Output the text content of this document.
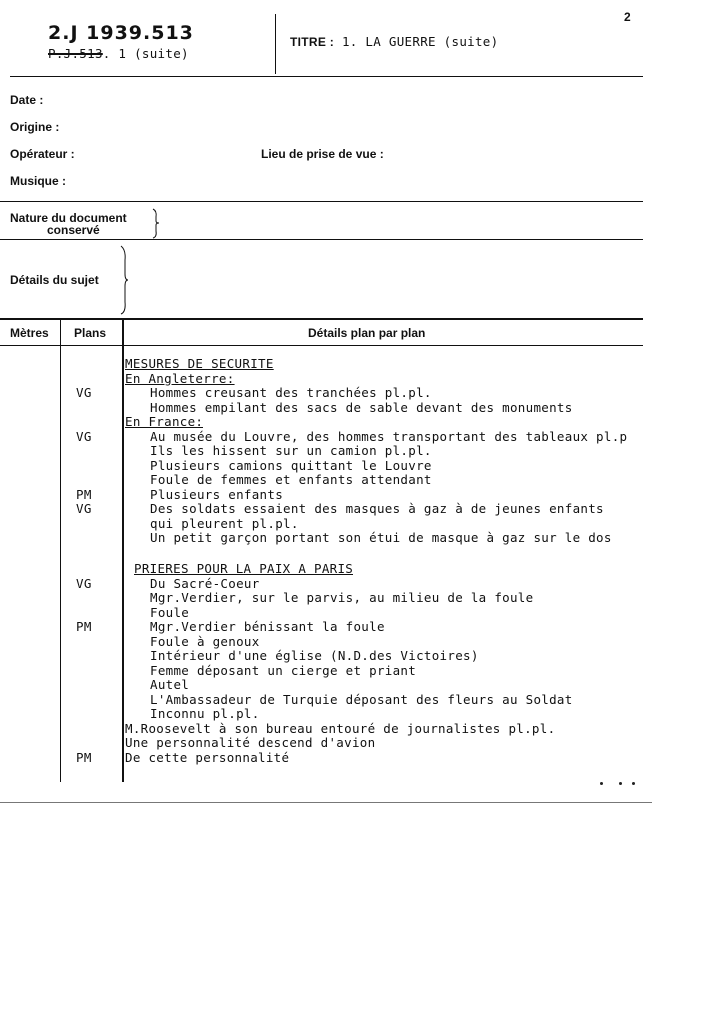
2
2.J 1939.513
P.J.513. 1 (suite)
TITRE : 1. LA GUERRE (suite)
Date :
Origine :
Opérateur :	Lieu de prise de vue :
Musique :
Nature du document
conservé
Détails du sujet
Mètres Plans	Détails plan par plan
MESURES DE SECURITE
En Angleterre:
VG	Hommes creusant des tranchées pl.pl.
Hommes empilant des sacs de sable devant des monuments
En France:
VG	Au musée du Louvre, des hommes transportant des tableaux pl.p
Ils les hissent sur un camion pl.pl.
Plusieurs camions quittant le Louvre
Foule de femmes et enfants attendant
PM	Plusieurs enfants
VG	Des soldats essaient des masques à gaz à de jeunes enfants
qui pleurent pl.pl.
Un petit garçon portant son étui de masque à gaz sur le dos
PRIERES POUR LA PAIX A PARIS
VG	Du Sacré-Coeur
Mgr.Verdier, sur le parvis, au milieu de la foule
Foule
PM	Mgr.Verdier bénissant la foule
Foule à genoux
Intérieur d'une église (N.D.des Victoires)
Femme déposant un cierge et priant
Autel
L'Ambassadeur de Turquie déposant des fleurs au Soldat
Inconnu pl.pl.
M.Roosevelt à son bureau entouré de journalistes pl.pl.
Une personnalité descend d'avion
PM	De cette personnalité
